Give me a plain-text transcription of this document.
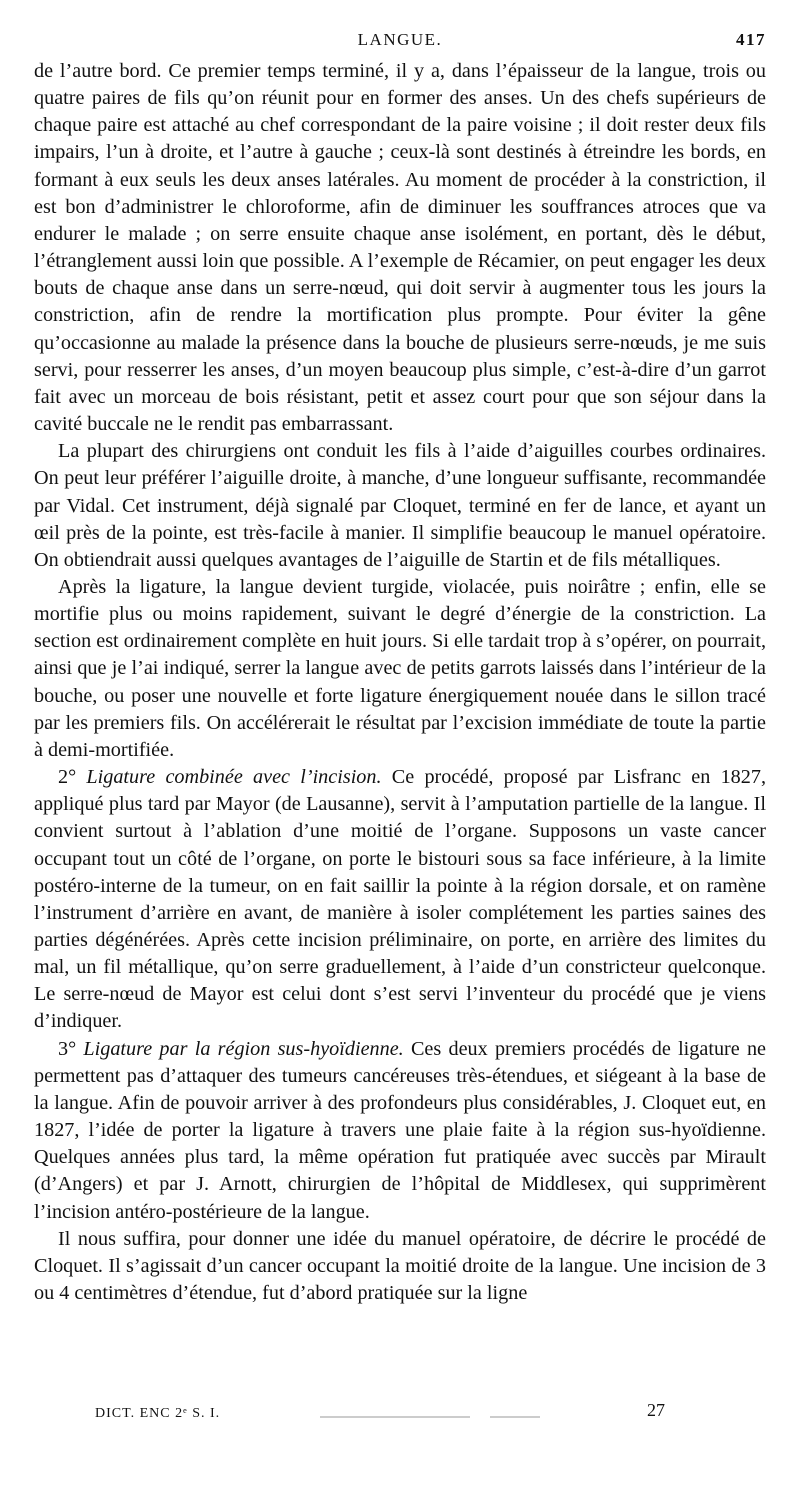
LANGUE.	417

de l’autre bord. Ce premier temps terminé, il y a, dans l’épaisseur de la langue, trois ou quatre paires de fils qu’on réunit pour en former des anses. Un des chefs supérieurs de chaque paire est attaché au chef correspondant de la paire voisine ; il doit rester deux fils impairs, l’un à droite, et l’autre à gauche ; ceux-là sont destinés à étreindre les bords, en formant à eux seuls les deux anses latérales. Au moment de procéder à la constriction, il est bon d’administrer le chloroforme, afin de diminuer les souffrances atroces que va endurer le malade ; on serre ensuite chaque anse isolément, en portant, dès le début, l’étranglement aussi loin que possible. A l’exemple de Récamier, on peut engager les deux bouts de chaque anse dans un serre-nœud, qui doit servir à augmenter tous les jours la constriction, afin de rendre la mortification plus prompte. Pour éviter la gêne qu’occasionne au malade la présence dans la bouche de plusieurs serre-nœuds, je me suis servi, pour resserrer les anses, d’un moyen beaucoup plus simple, c’est-à-dire d’un garrot fait avec un morceau de bois résistant, petit et assez court pour que son séjour dans la cavité buccale ne le rendit pas embarrassant.

La plupart des chirurgiens ont conduit les fils à l’aide d’aiguilles courbes ordinaires. On peut leur préférer l’aiguille droite, à manche, d’une longueur suffisante, recommandée par Vidal. Cet instrument, déjà signalé par Cloquet, terminé en fer de lance, et ayant un œil près de la pointe, est très-facile à manier. Il simplifie beaucoup le manuel opératoire. On obtiendrait aussi quelques avantages de l’aiguille de Startin et de fils métalliques.

Après la ligature, la langue devient turgide, violacée, puis noirâtre ; enfin, elle se mortifie plus ou moins rapidement, suivant le degré d’énergie de la constriction. La section est ordinairement complète en huit jours. Si elle tardait trop à s’opérer, on pourrait, ainsi que je l’ai indiqué, serrer la langue avec de petits garrots laissés dans l’intérieur de la bouche, ou poser une nouvelle et forte ligature énergiquement nouée dans le sillon tracé par les premiers fils. On accélérerait le résultat par l’excision immédiate de toute la partie à demi-mortifiée.

2° Ligature combinée avec l’incision. Ce procédé, proposé par Lisfranc en 1827, appliqué plus tard par Mayor (de Lausanne), servit à l’amputation partielle de la langue. Il convient surtout à l’ablation d’une moitié de l’organe. Supposons un vaste cancer occupant tout un côté de l’organe, on porte le bistouri sous sa face inférieure, à la limite postéro-interne de la tumeur, on en fait saillir la pointe à la région dorsale, et on ramène l’instrument d’arrière en avant, de manière à isoler complétement les parties saines des parties dégénérées. Après cette incision préliminaire, on porte, en arrière des limites du mal, un fil métallique, qu’on serre graduellement, à l’aide d’un constricteur quelconque. Le serre-nœud de Mayor est celui dont s’est servi l’inventeur du procédé que je viens d’indiquer.

3° Ligature par la région sus-hyoïdienne. Ces deux premiers procédés de ligature ne permettent pas d’attaquer des tumeurs cancéreuses très-étendues, et siégeant à la base de la langue. Afin de pouvoir arriver à des profondeurs plus considérables, J. Cloquet eut, en 1827, l’idée de porter la ligature à travers une plaie faite à la région sus-hyoïdienne. Quelques années plus tard, la même opération fut pratiquée avec succès par Mirault (d’Angers) et par J. Arnott, chirurgien de l’hôpital de Middlesex, qui supprimèrent l’incision antéro-postérieure de la langue.

Il nous suffira, pour donner une idée du manuel opératoire, de décrire le procédé de Cloquet. Il s’agissait d’un cancer occupant la moitié droite de la langue. Une incision de 3 ou 4 centimètres d’étendue, fut d’abord pratiquée sur la ligne

DICT. ENC 2ᵉ S. I.	27
